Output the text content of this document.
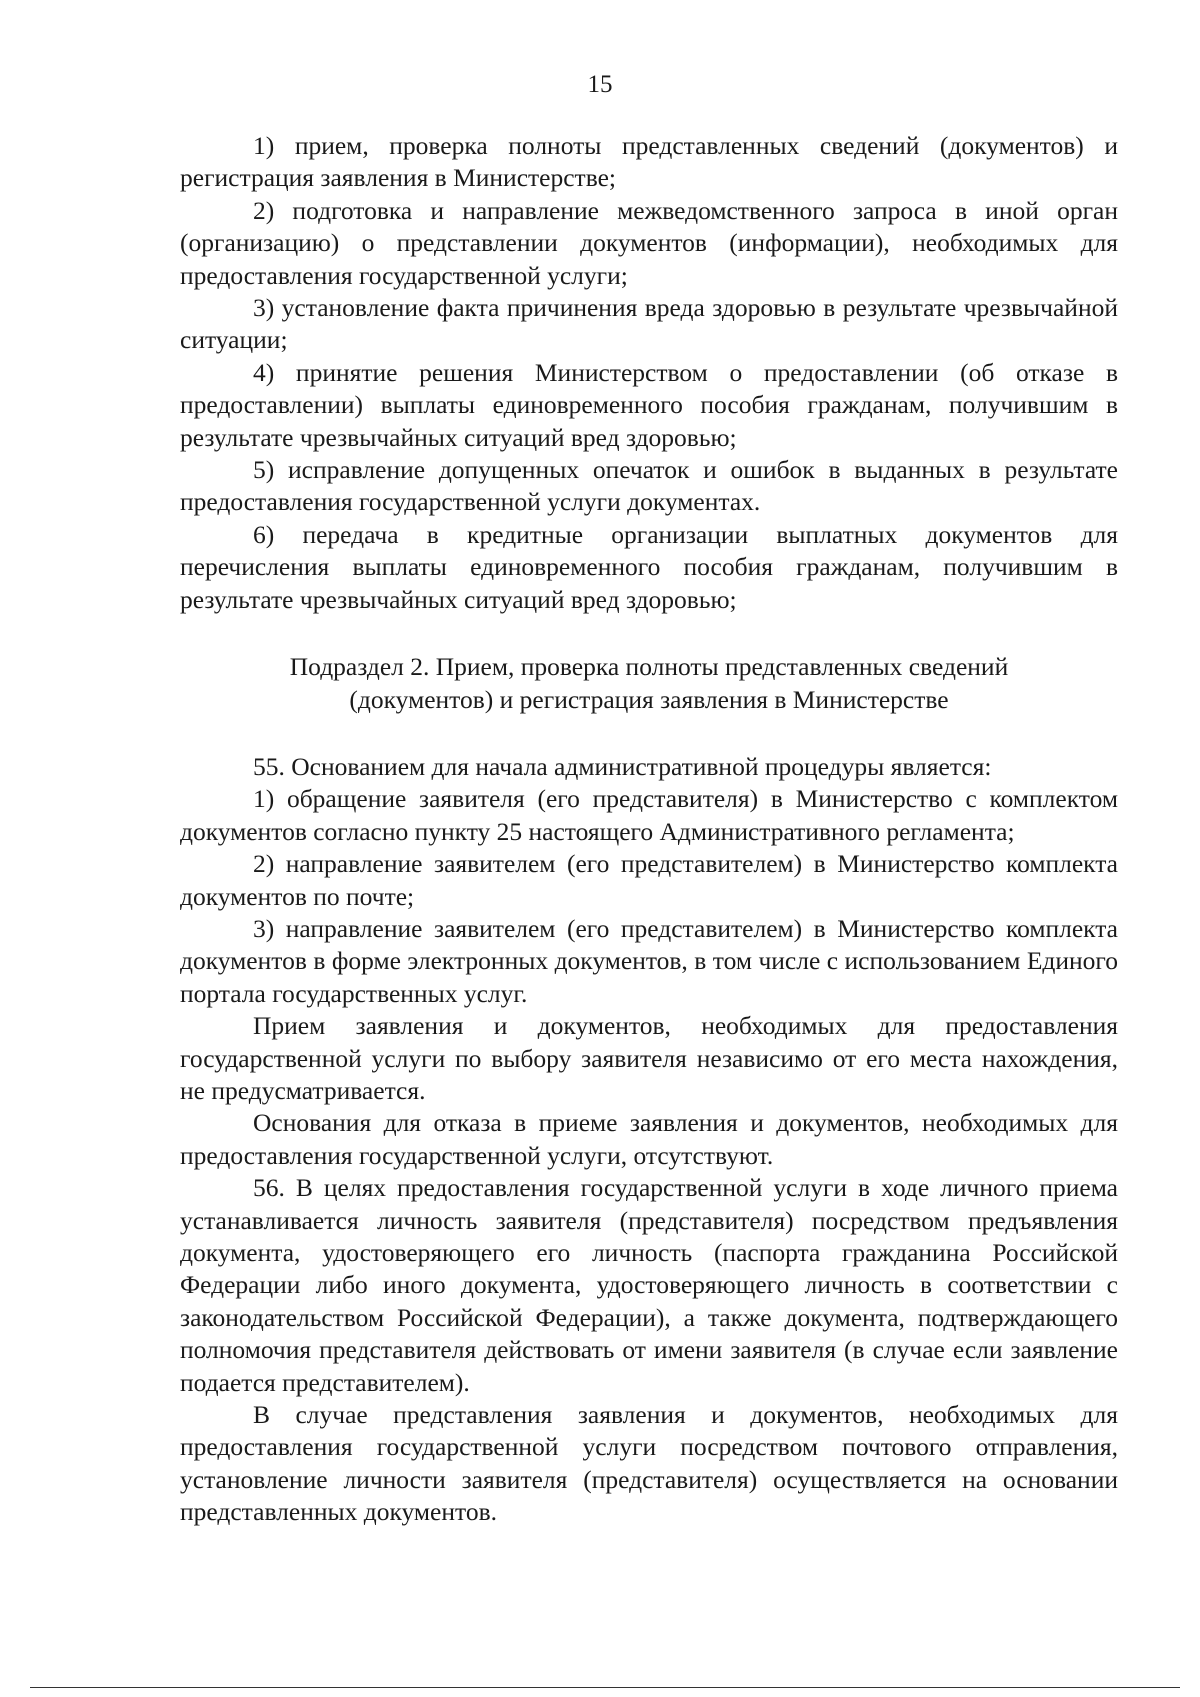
15

1) прием, проверка полноты представленных сведений (документов) и регистрация заявления в Министерстве;

2) подготовка и направление межведомственного запроса в иной орган (организацию) о представлении документов (информации), необходимых для предоставления государственной услуги;

3) установление факта причинения вреда здоровью в результате чрезвычайной ситуации;

4) принятие решения Министерством о предоставлении (об отказе в предоставлении) выплаты единовременного пособия гражданам, получившим в результате чрезвычайных ситуаций вред здоровью;

5) исправление допущенных опечаток и ошибок в выданных в результате предоставления государственной услуги документах.

6) передача в кредитные организации выплатных документов для перечисления выплаты единовременного пособия гражданам, получившим в результате чрезвычайных ситуаций вред здоровью;

Подраздел 2. Прием, проверка полноты представленных сведений (документов) и регистрация заявления в Министерстве

55. Основанием для начала административной процедуры является:

1) обращение заявителя (его представителя) в Министерство с комплектом документов согласно пункту 25 настоящего Административного регламента;

2) направление заявителем (его представителем) в Министерство комплекта документов по почте;

3) направление заявителем (его представителем) в Министерство комплекта документов в форме электронных документов, в том числе с использованием Единого портала государственных услуг.

Прием заявления и документов, необходимых для предоставления государственной услуги по выбору заявителя независимо от его места нахождения, не предусматривается.

Основания для отказа в приеме заявления и документов, необходимых для предоставления государственной услуги, отсутствуют.

56. В целях предоставления государственной услуги в ходе личного приема устанавливается личность заявителя (представителя) посредством предъявления документа, удостоверяющего его личность (паспорта гражданина Российской Федерации либо иного документа, удостоверяющего личность в соответствии с законодательством Российской Федерации), а также документа, подтверждающего полномочия представителя действовать от имени заявителя (в случае если заявление подается представителем).

В случае представления заявления и документов, необходимых для предоставления государственной услуги посредством почтового отправления, установление личности заявителя (представителя) осуществляется на основании представленных документов.
